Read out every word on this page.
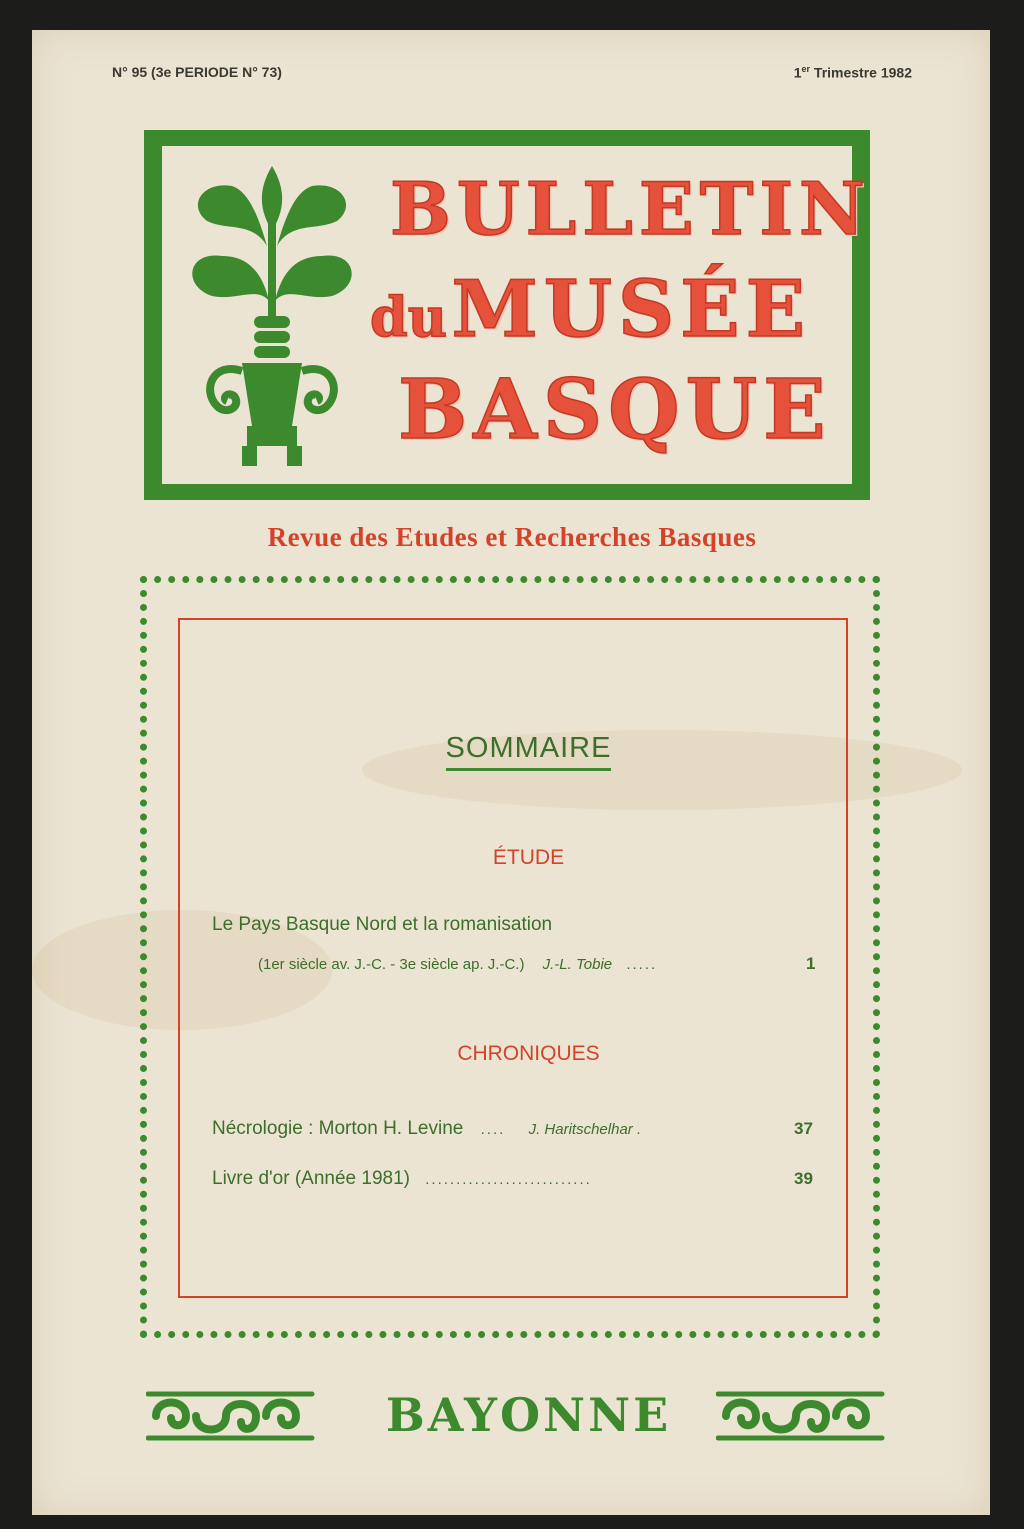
N° 95 (3e PERIODE N° 73)	1er Trimestre 1982
BULLETIN
du MUSÉE
BASQUE
Revue des Etudes et Recherches Basques
SOMMAIRE
ÉTUDE
Le Pays Basque Nord et la romanisation
(1er siècle av. J.-C. - 3e siècle ap. J.-C.) J.-L. Tobie .....	1
CHRONIQUES
Nécrologie : Morton H. Levine .... J. Haritschelhar .	37
Livre d'or (Année 1981) ...........................	39
BAYONNE
